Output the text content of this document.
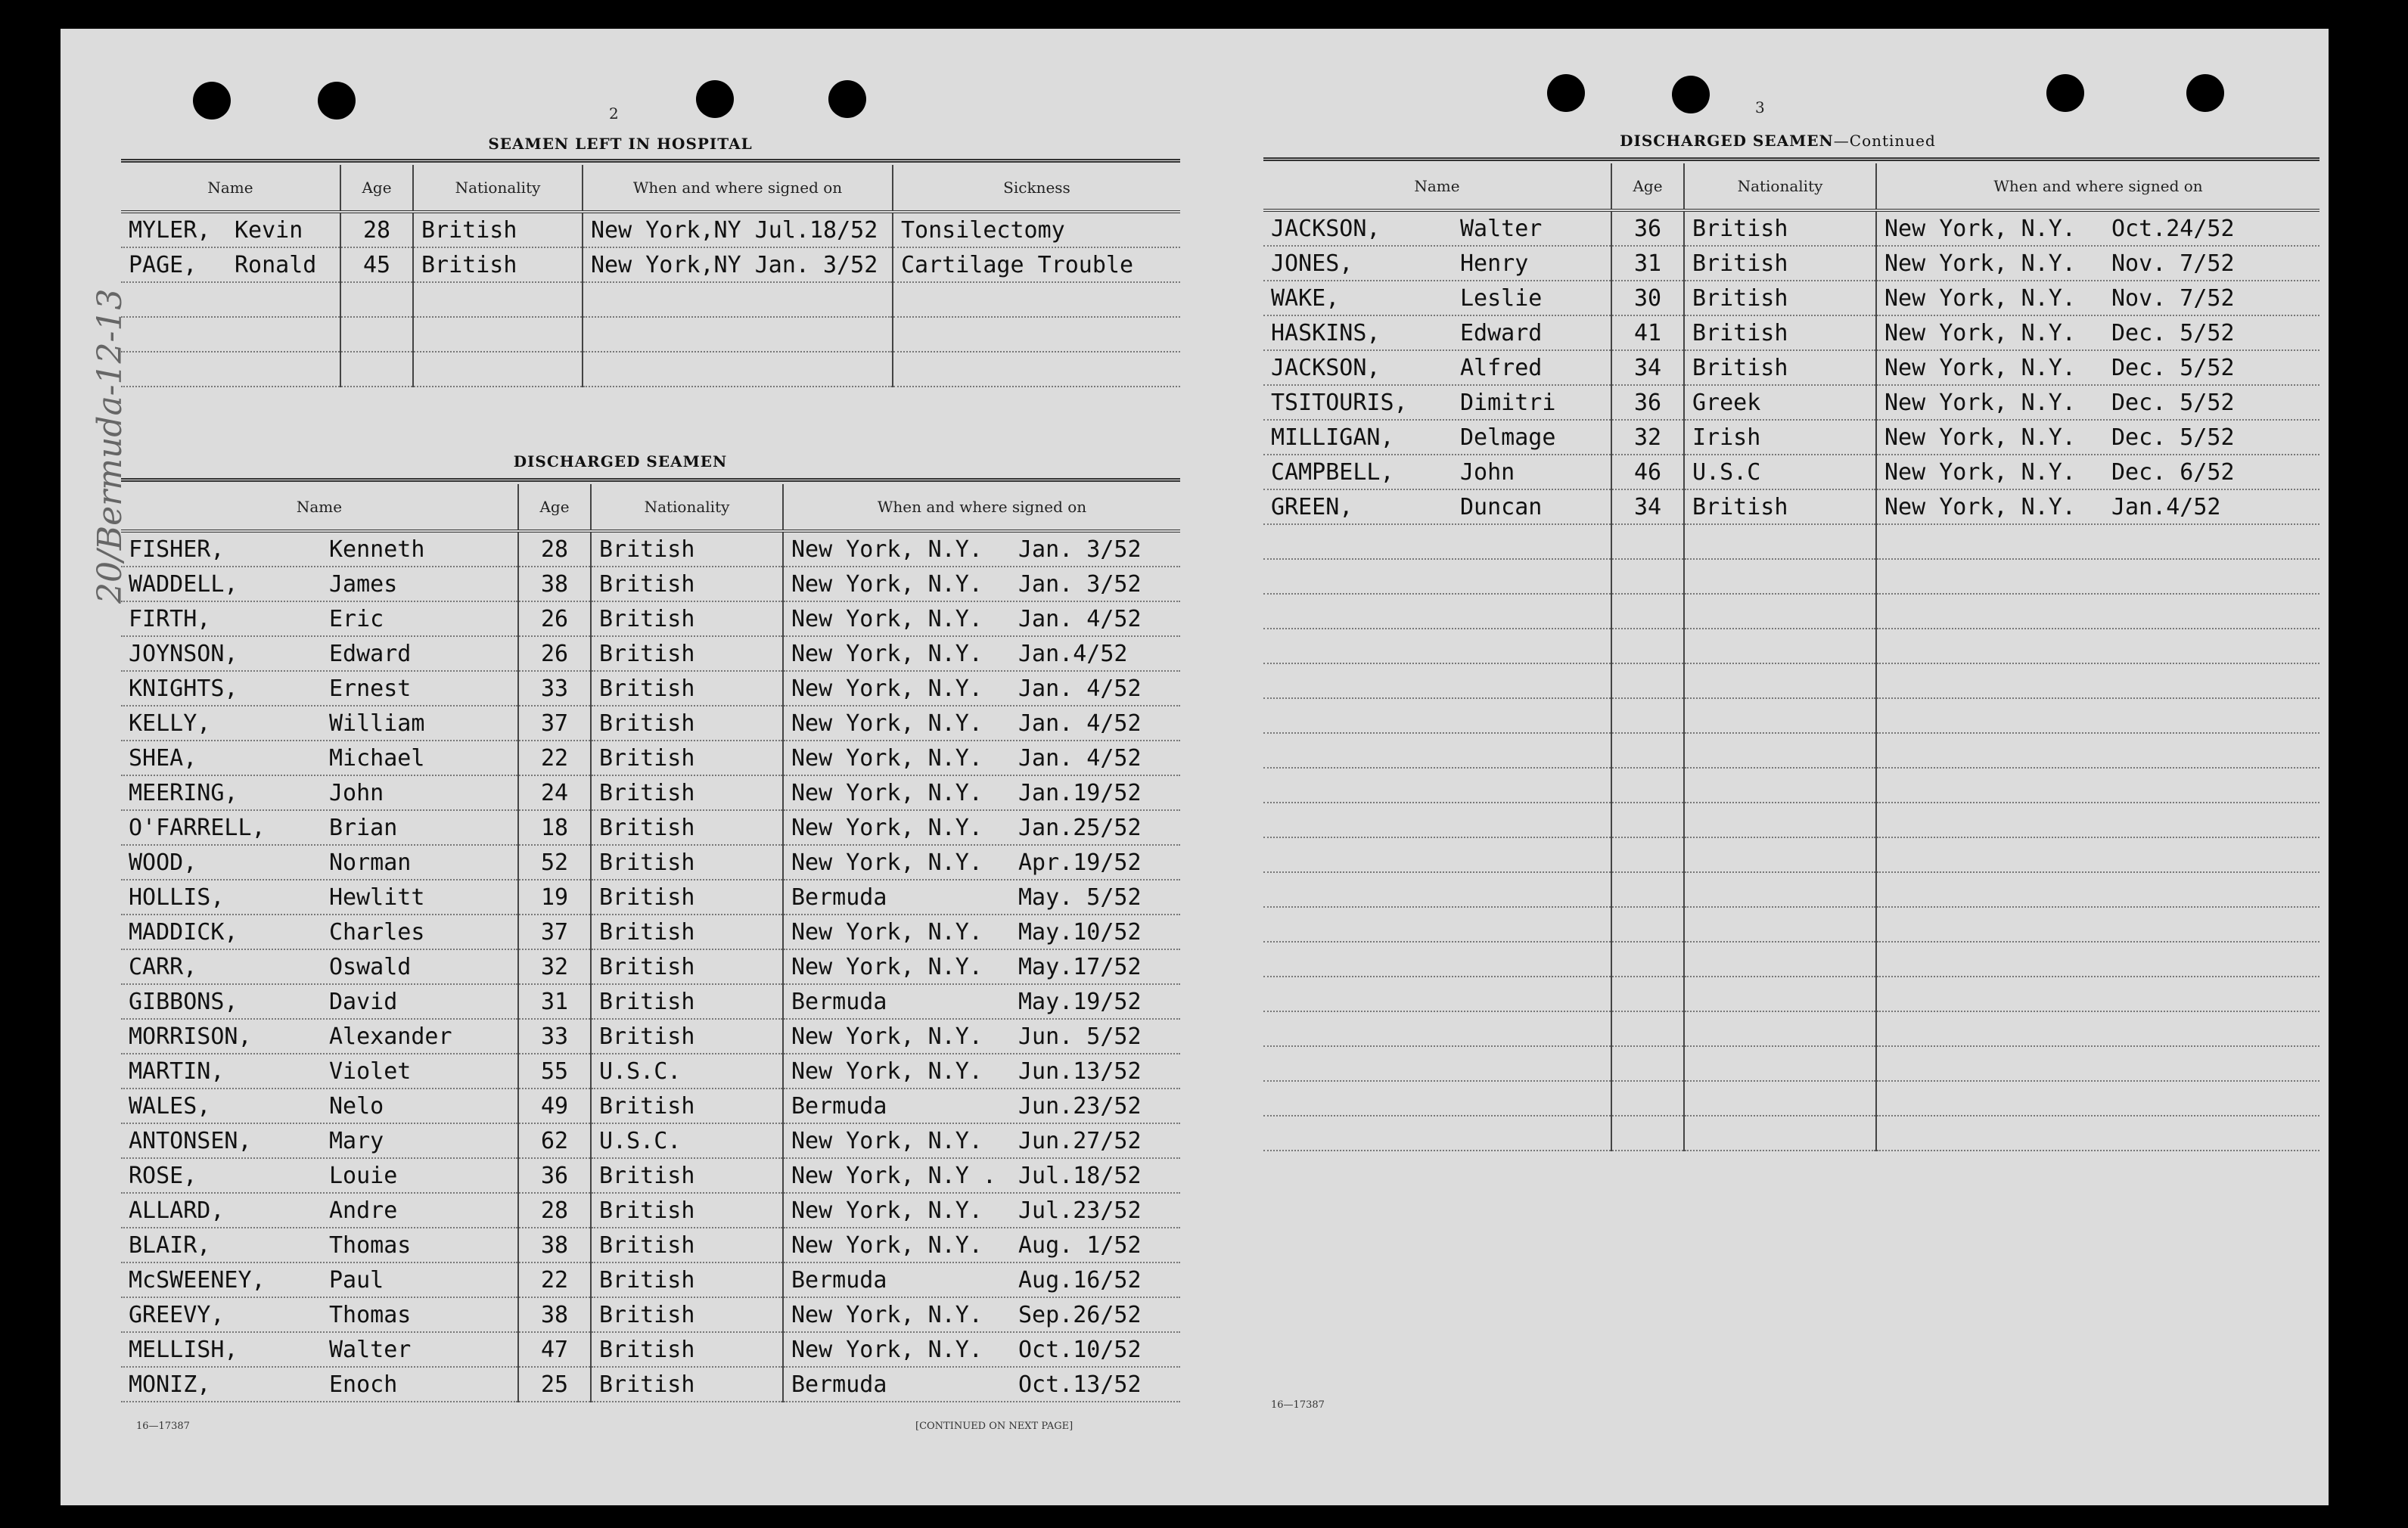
20/Bermuda-12-13
2
SEAMEN LEFT IN HOSPITAL
Name	Age	Nationality	When and where signed on	Sickness
MYLER, Kevin	28	British	New York,NY Jul.18/52	Tonsilectomy
PAGE, Ronald	45	British	New York,NY Jan. 3/52	Cartilage Trouble

DISCHARGED SEAMEN
Name	Age	Nationality	When and where signed on
FISHER, Kenneth	28	British	New York, N.Y. Jan. 3/52
WADDELL, James	38	British	New York, N.Y. Jan. 3/52
FIRTH, Eric	26	British	New York, N.Y. Jan. 4/52
JOYNSON, Edward	26	British	New York, N.Y. Jan.4/52
KNIGHTS, Ernest	33	British	New York, N.Y. Jan. 4/52
KELLY, William	37	British	New York, N.Y. Jan. 4/52
SHEA, Michael	22	British	New York, N.Y. Jan. 4/52
MEERING, John	24	British	New York, N.Y. Jan.19/52
O'FARRELL, Brian	18	British	New York, N.Y. Jan.25/52
WOOD, Norman	52	British	New York, N.Y. Apr.19/52
HOLLIS, Hewlitt	19	British	Bermuda May. 5/52
MADDICK, Charles	37	British	New York, N.Y. May.10/52
CARR, Oswald	32	British	New York, N.Y. May.17/52
GIBBONS, David	31	British	Bermuda May.19/52
MORRISON, Alexander	33	British	New York, N.Y. Jun. 5/52
MARTIN, Violet	55	U.S.C.	New York, N.Y. Jun.13/52
WALES, Nelo	49	British	Bermuda Jun.23/52
ANTONSEN, Mary	62	U.S.C.	New York, N.Y. Jun.27/52
ROSE, Louie	36	British	New York, N.Y . Jul.18/52
ALLARD, Andre	28	British	New York, N.Y. Jul.23/52
BLAIR, Thomas	38	British	New York, N.Y. Aug. 1/52
McSWEENEY, Paul	22	British	Bermuda Aug.16/52
GREEVY, Thomas	38	British	New York, N.Y. Sep.26/52
MELLISH, Walter	47	British	New York, N.Y. Oct.10/52
MONIZ, Enoch	25	British	Bermuda Oct.13/52
16—17387	[CONTINUED ON NEXT PAGE]
3
DISCHARGED SEAMEN—Continued
Name	Age	Nationality	When and where signed on
JACKSON, Walter	36	British	New York, N.Y. Oct.24/52
JONES, Henry	31	British	New York, N.Y. Nov. 7/52
WAKE, Leslie	30	British	New York, N.Y. Nov. 7/52
HASKINS, Edward	41	British	New York, N.Y. Dec. 5/52
JACKSON, Alfred	34	British	New York, N.Y. Dec. 5/52
TSITOURIS, Dimitri	36	Greek	New York, N.Y. Dec. 5/52
MILLIGAN, Delmage	32	Irish	New York, N.Y. Dec. 5/52
CAMPBELL, John	46	U.S.C	New York, N.Y. Dec. 6/52
GREEN, Duncan	34	British	New York, N.Y. Jan.4/52

16—17387
